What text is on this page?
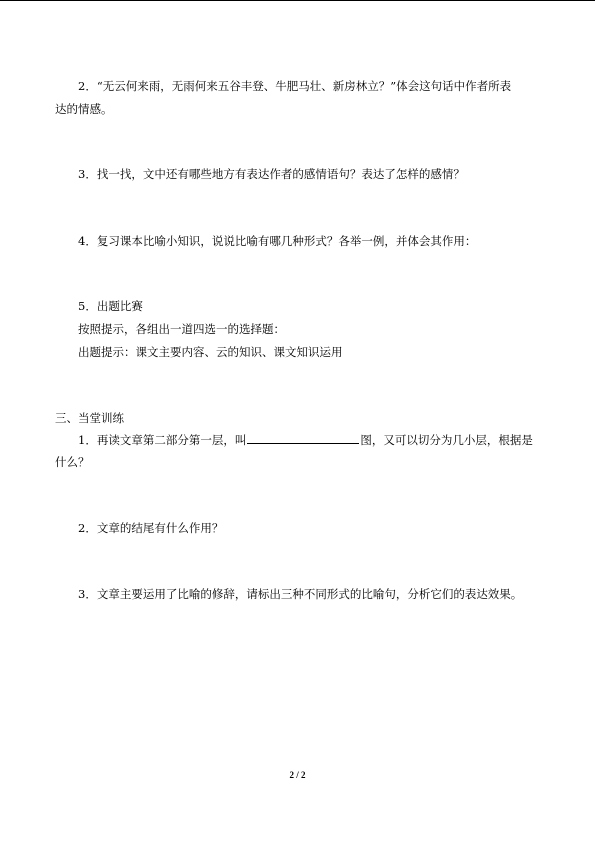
2．“无云何来雨，无雨何来五谷丰登、牛肥马壮、新房林立？”体会这句话中作者所表
达的情感。
3．找一找，文中还有哪些地方有表达作者的感情语句？表达了怎样的感情？
4．复习课本比喻小知识，说说比喻有哪几种形式？各举一例，并体会其作用：
5．出题比赛
按照提示，各组出一道四选一的选择题：
出题提示：课文主要内容、云的知识、课文知识运用
三、当堂训练
1．再读文章第二部分第一层，叫	图，又可以切分为几小层，根据是
什么？
2．文章的结尾有什么作用？
3．文章主要运用了比喻的修辞，请标出三种不同形式的比喻句，分析它们的表达效果。
2 / 2
